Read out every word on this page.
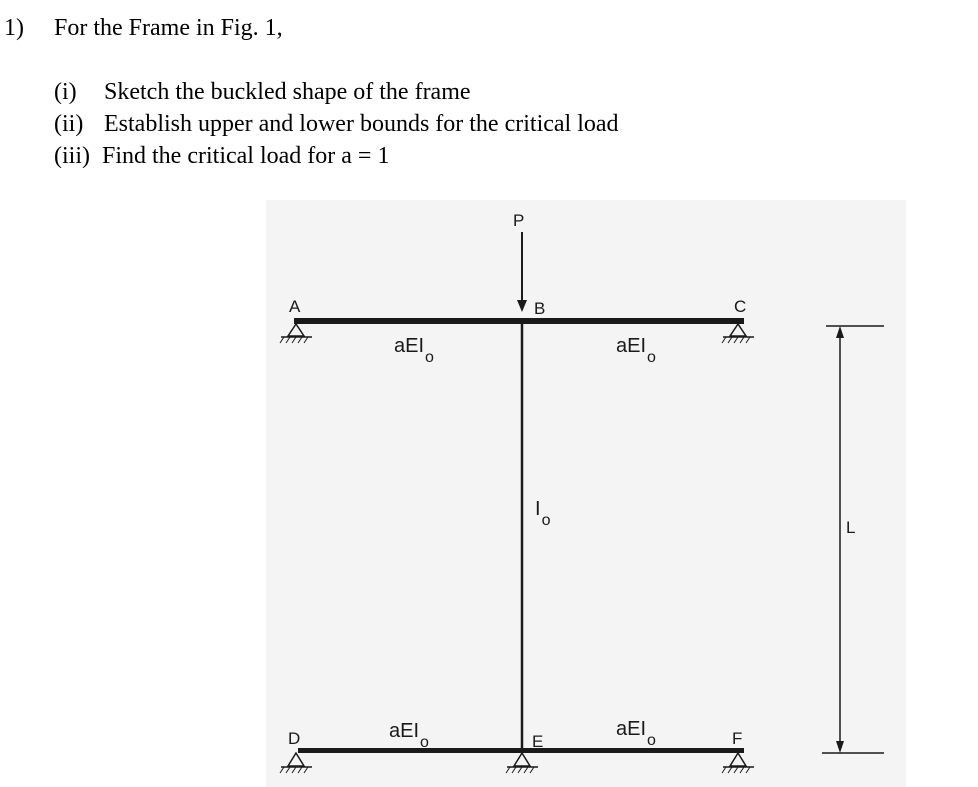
1) For the Frame in Fig. 1,
(i) Sketch the buckled shape of the frame
(ii) Establish upper and lower bounds for the critical load
(iii) Find the critical load for a = 1
P
A	B	C
D	E	F
aEI$_o$
aEI$_o$
aEI$_o$
aEI$_o$
$I_o$	L
